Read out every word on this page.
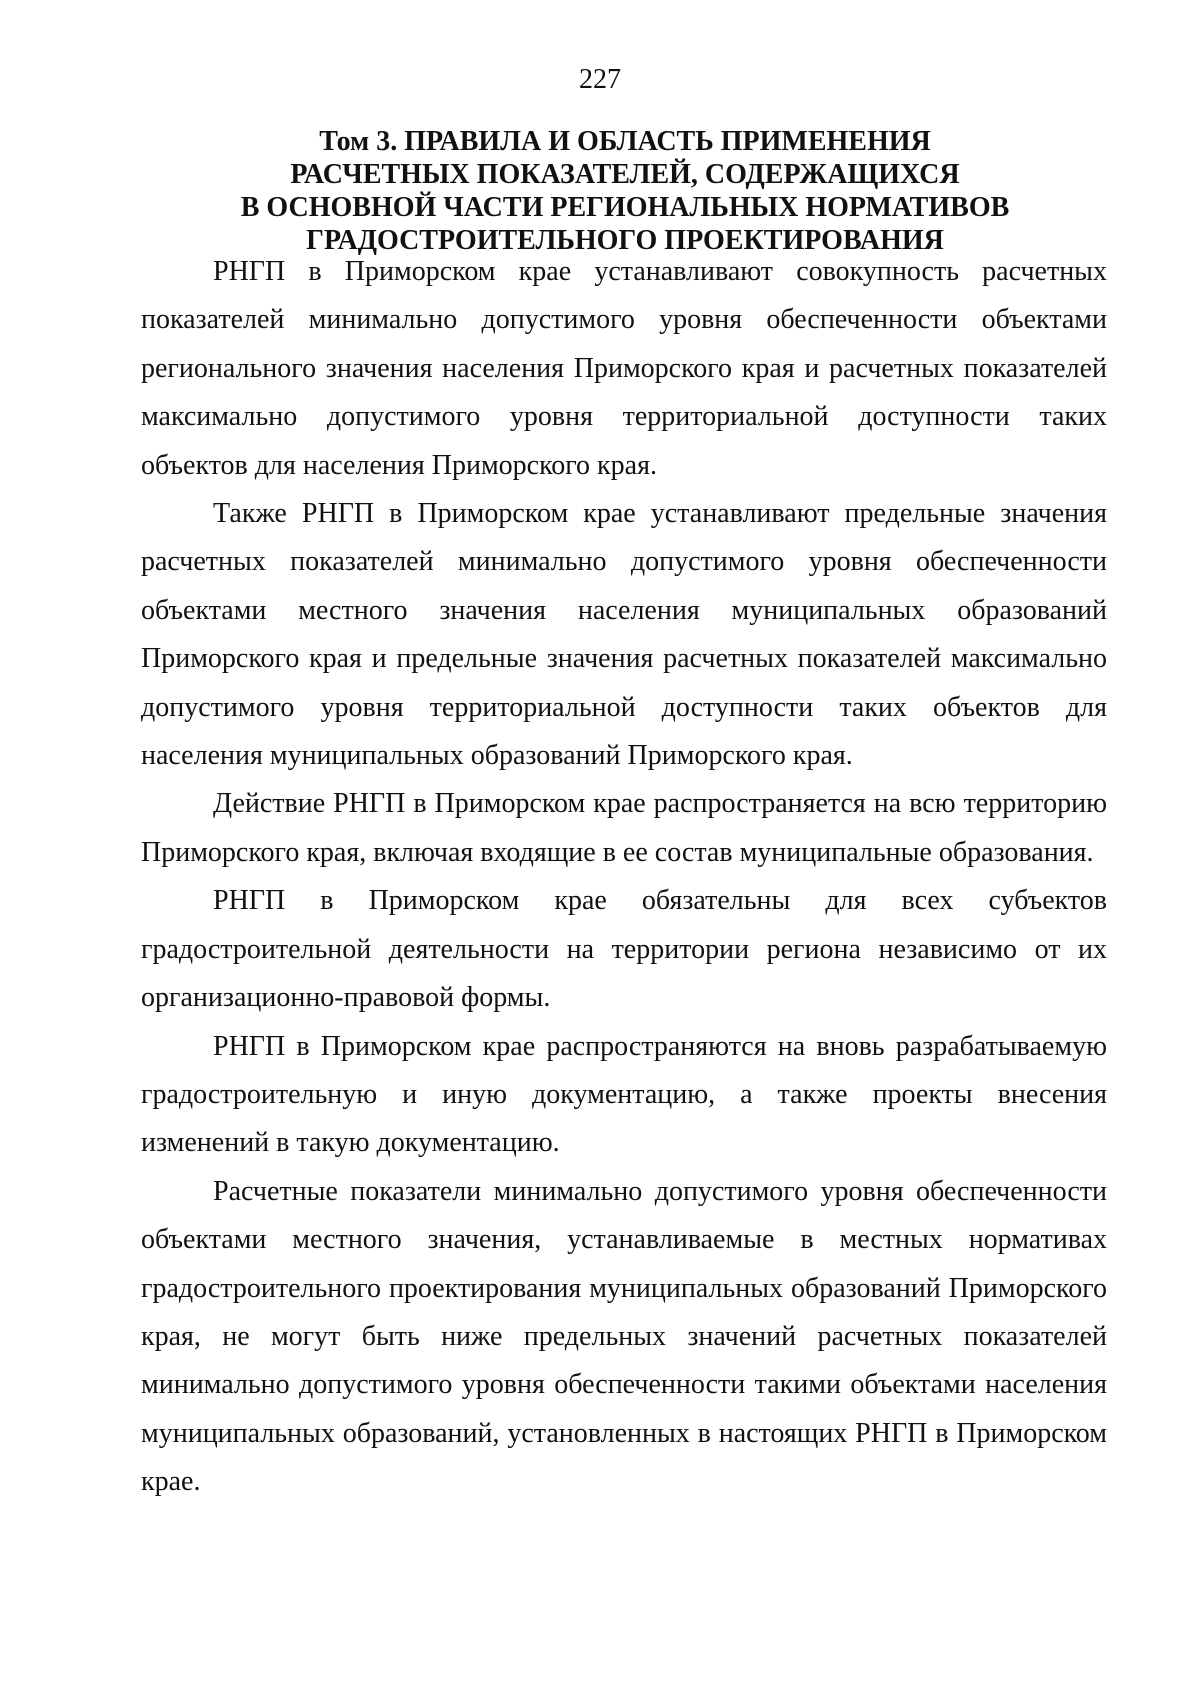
227
Том 3. ПРАВИЛА И ОБЛАСТЬ ПРИМЕНЕНИЯ
РАСЧЕТНЫХ ПОКАЗАТЕЛЕЙ, СОДЕРЖАЩИХСЯ
В ОСНОВНОЙ ЧАСТИ РЕГИОНАЛЬНЫХ НОРМАТИВОВ
ГРАДОСТРОИТЕЛЬНОГО ПРОЕКТИРОВАНИЯ

РНГП в Приморском крае устанавливают совокупность расчетных показателей минимально допустимого уровня обеспеченности объектами регионального значения населения Приморского края и расчетных показателей максимально допустимого уровня территориальной доступности таких объектов для населения Приморского края.

Также РНГП в Приморском крае устанавливают предельные значения расчетных показателей минимально допустимого уровня обеспеченности объектами местного значения населения муниципальных образований Приморского края и предельные значения расчетных показателей максимально допустимого уровня территориальной доступности таких объектов для населения муниципальных образований Приморского края.

Действие РНГП в Приморском крае распространяется на всю территорию Приморского края, включая входящие в ее состав муниципальные образования.

РНГП в Приморском крае обязательны для всех субъектов градостроительной деятельности на территории региона независимо от их организационно-правовой формы.

РНГП в Приморском крае распространяются на вновь разрабатываемую градостроительную и иную документацию, а также проекты внесения изменений в такую документацию.

Расчетные показатели минимально допустимого уровня обеспеченности объектами местного значения, устанавливаемые в местных нормативах градостроительного проектирования муниципальных образований Приморского края, не могут быть ниже предельных значений расчетных показателей минимально допустимого уровня обеспеченности такими объектами населения муниципальных образований, установленных в настоящих РНГП в Приморском крае.
